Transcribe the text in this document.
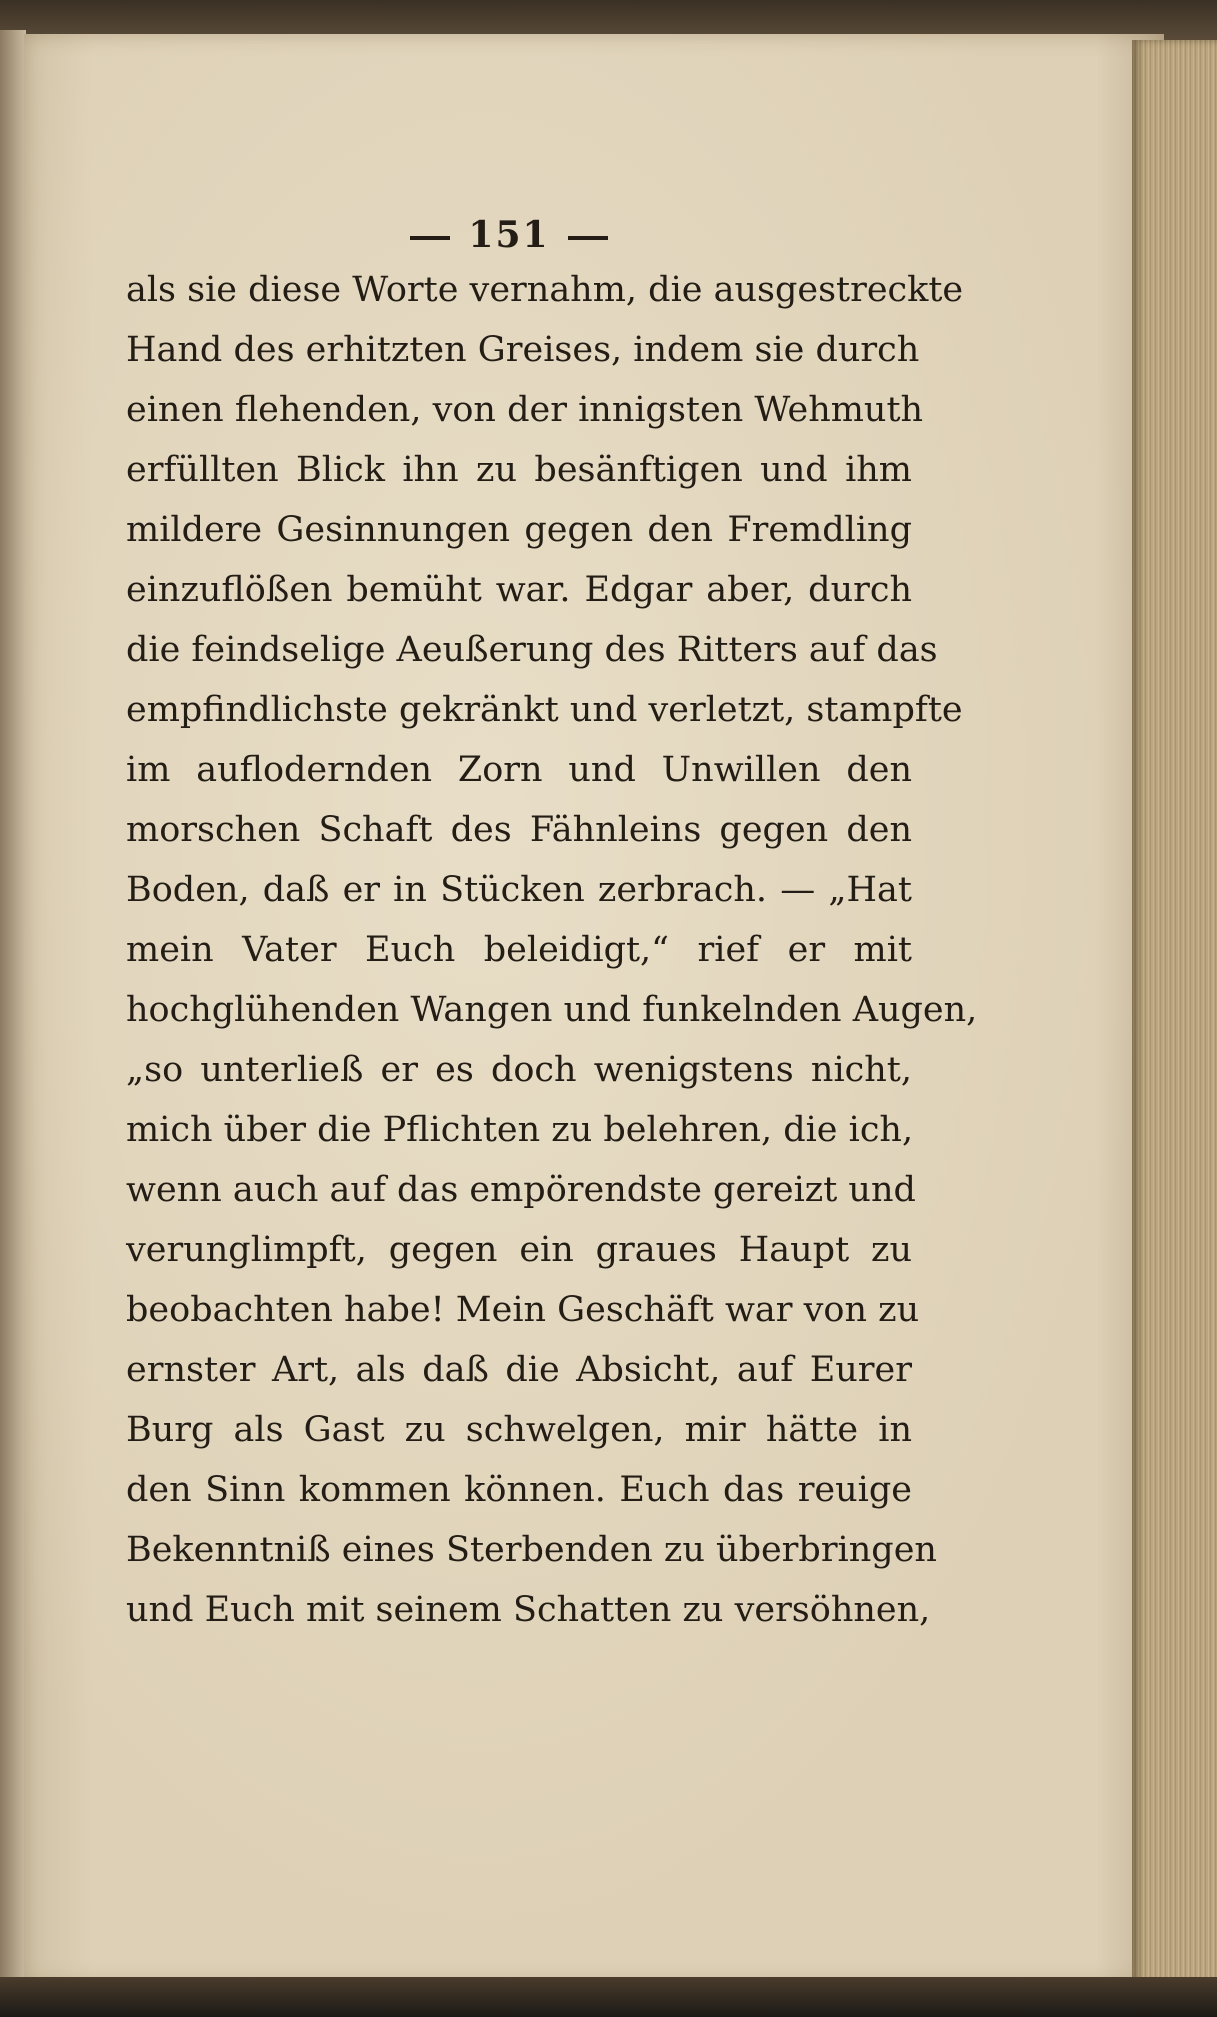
151
als sie diese Worte vernahm, die ausgestreckte
Hand des erhitzten Greises, indem sie durch
einen flehenden, von der innigsten Wehmuth
erfüllten Blick ihn zu besänftigen und ihm
mildere Gesinnungen gegen den Fremdling
einzuflößen bemüht war. Edgar aber, durch
die feindselige Aeußerung des Ritters auf das
empfindlichste gekränkt und verletzt, stampfte
im auflodernden Zorn und Unwillen den
morschen Schaft des Fähnleins gegen den
Boden, daß er in Stücken zerbrach. — „Hat
mein Vater Euch beleidigt,“ rief er mit
hochglühenden Wangen und funkelnden Augen,
„so unterließ er es doch wenigstens nicht,
mich über die Pflichten zu belehren, die ich,
wenn auch auf das empörendste gereizt und
verunglimpft, gegen ein graues Haupt zu
beobachten habe! Mein Geschäft war von zu
ernster Art, als daß die Absicht, auf Eurer
Burg als Gast zu schwelgen, mir hätte in
den Sinn kommen können. Euch das reuige
Bekenntniß eines Sterbenden zu überbringen
und Euch mit seinem Schatten zu versöhnen,
